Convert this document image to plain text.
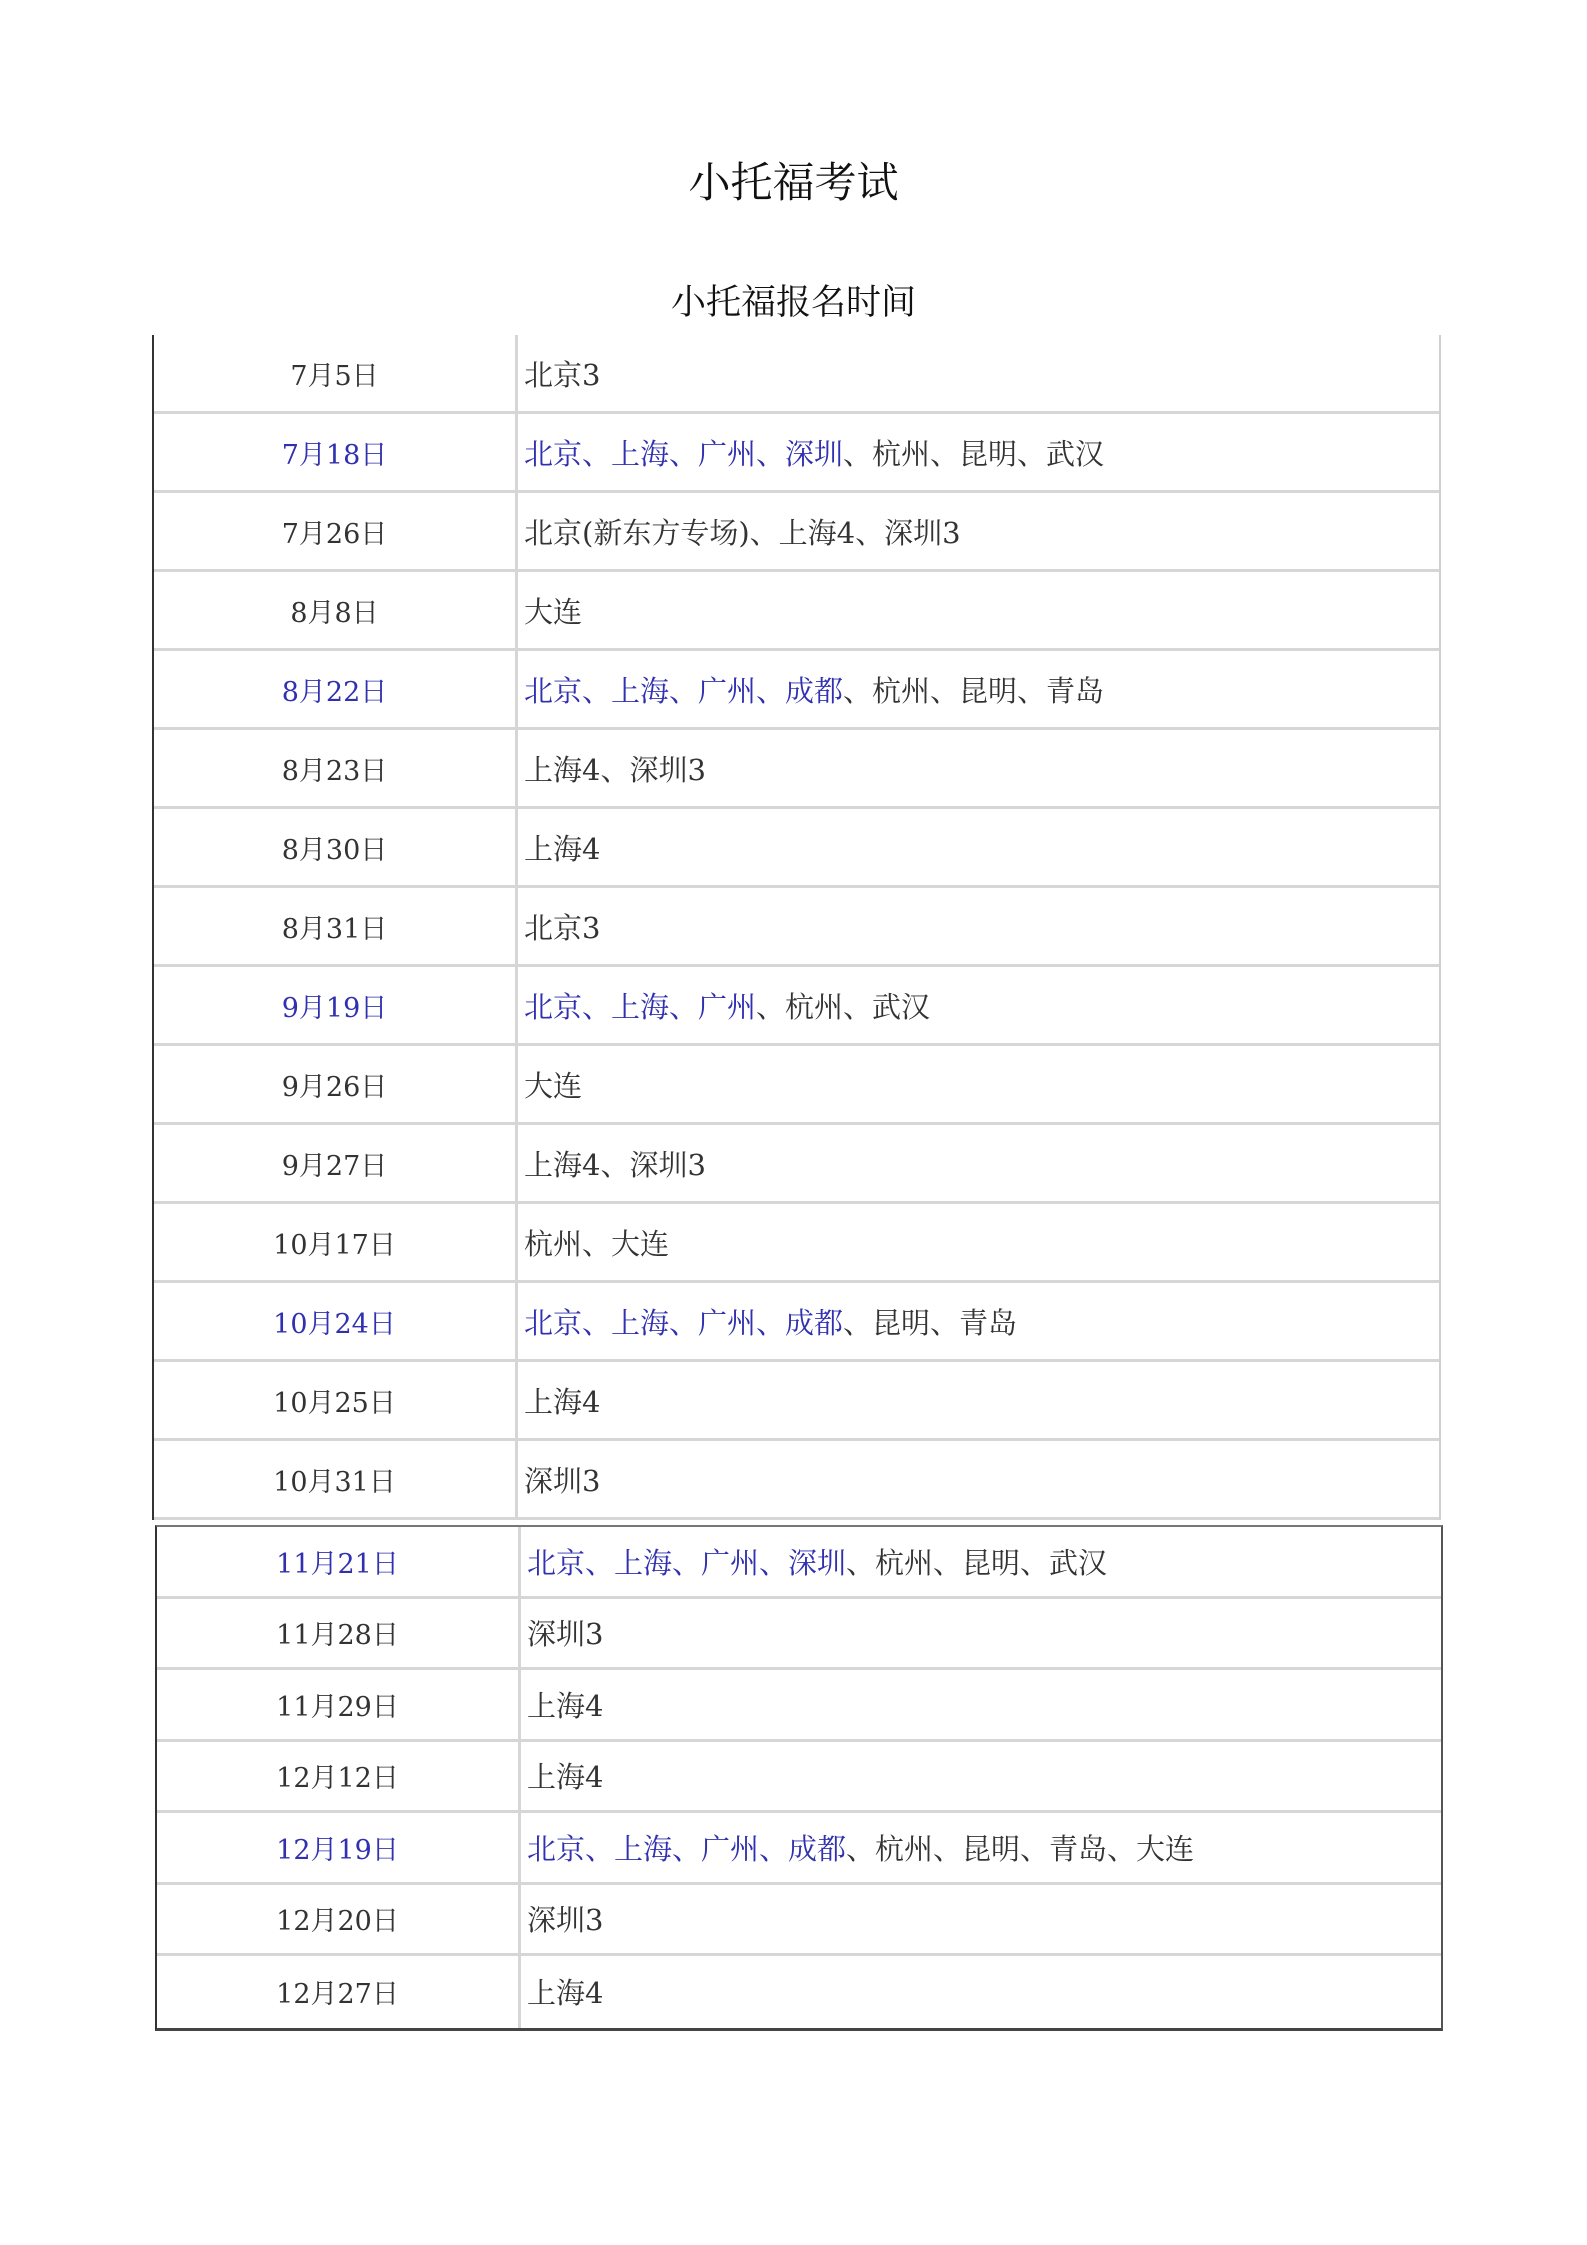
小托福考试
小托福报名时间
7月5日	北京3
7月18日	北京、上海、广州、深圳 、杭州、昆明、武汉
7月26日	北京(新东方专场)、上海4、深圳3
8月8日	大连
8月22日	北京、上海、广州、成都 、杭州、昆明、青岛
8月23日	上海4、深圳3
8月30日	上海4
8月31日	北京3
9月19日	北京、上海、广州 、杭州、武汉
9月26日	大连
9月27日	上海4、深圳3
10月17日	杭州、大连
10月24日	北京、上海、广州、成都 、昆明、青岛
10月25日	上海4
10月31日	深圳3
11月21日	北京、上海、广州、深圳 、杭州、昆明、武汉
11月28日	深圳3
11月29日	上海4
12月12日	上海4
12月19日	北京、上海、广州、成都 、杭州、昆明、青岛、大连
12月20日	深圳3
12月27日	上海4
